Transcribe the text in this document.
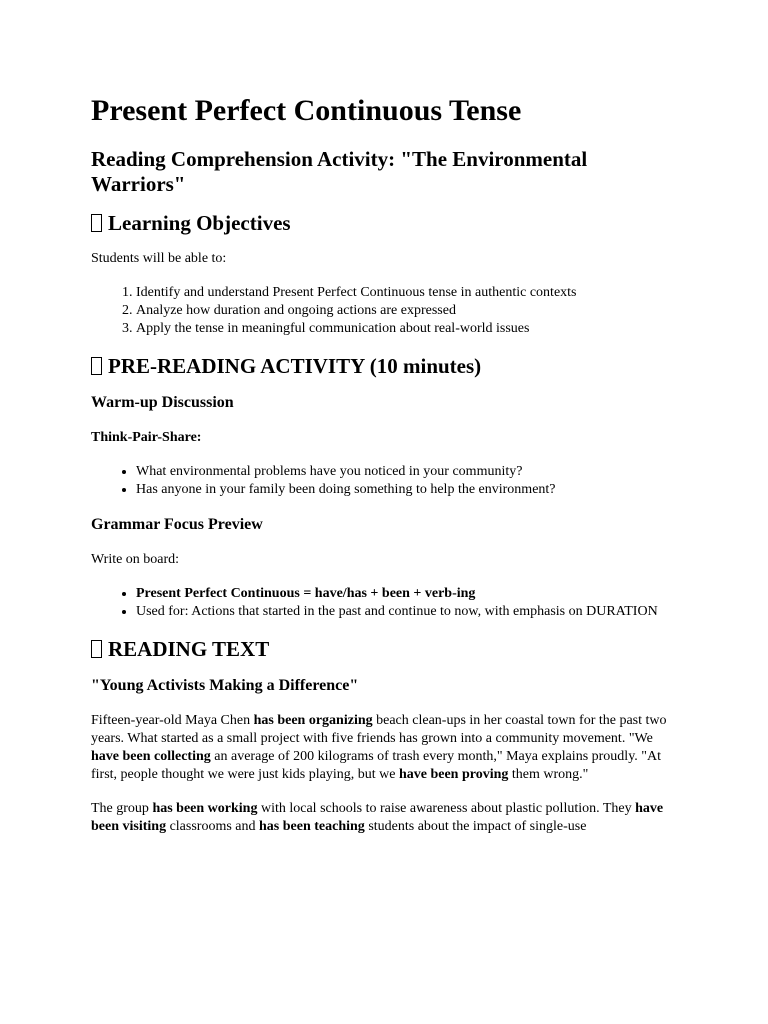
Present Perfect Continuous Tense
Reading Comprehension Activity: "The Environmental Warriors"
Learning Objectives

Students will be able to:

1. Identify and understand Present Perfect Continuous tense in authentic contexts
2. Analyze how duration and ongoing actions are expressed
3. Apply the tense in meaningful communication about real-world issues
PRE-READING ACTIVITY (10 minutes)
Warm-up Discussion
Think-Pair-Share:
• What environmental problems have you noticed in your community?
• Has anyone in your family been doing something to help the environment?
Grammar Focus Preview

Write on board:

• Present Perfect Continuous = have/has + been + verb-ing
• Used for: Actions that started in the past and continue to now, with emphasis on DURATION
READING TEXT
"Young Activists Making a Difference"

Fifteen-year-old Maya Chen has been organizing beach clean-ups in her coastal town for the past two years. What started as a small project with five friends has grown into a community movement. "We have been collecting an average of 200 kilograms of trash every month," Maya explains proudly. "At first, people thought we were just kids playing, but we have been proving them wrong."

The group has been working with local schools to raise awareness about plastic pollution. They have been visiting classrooms and has been teaching students about the impact of single-use
